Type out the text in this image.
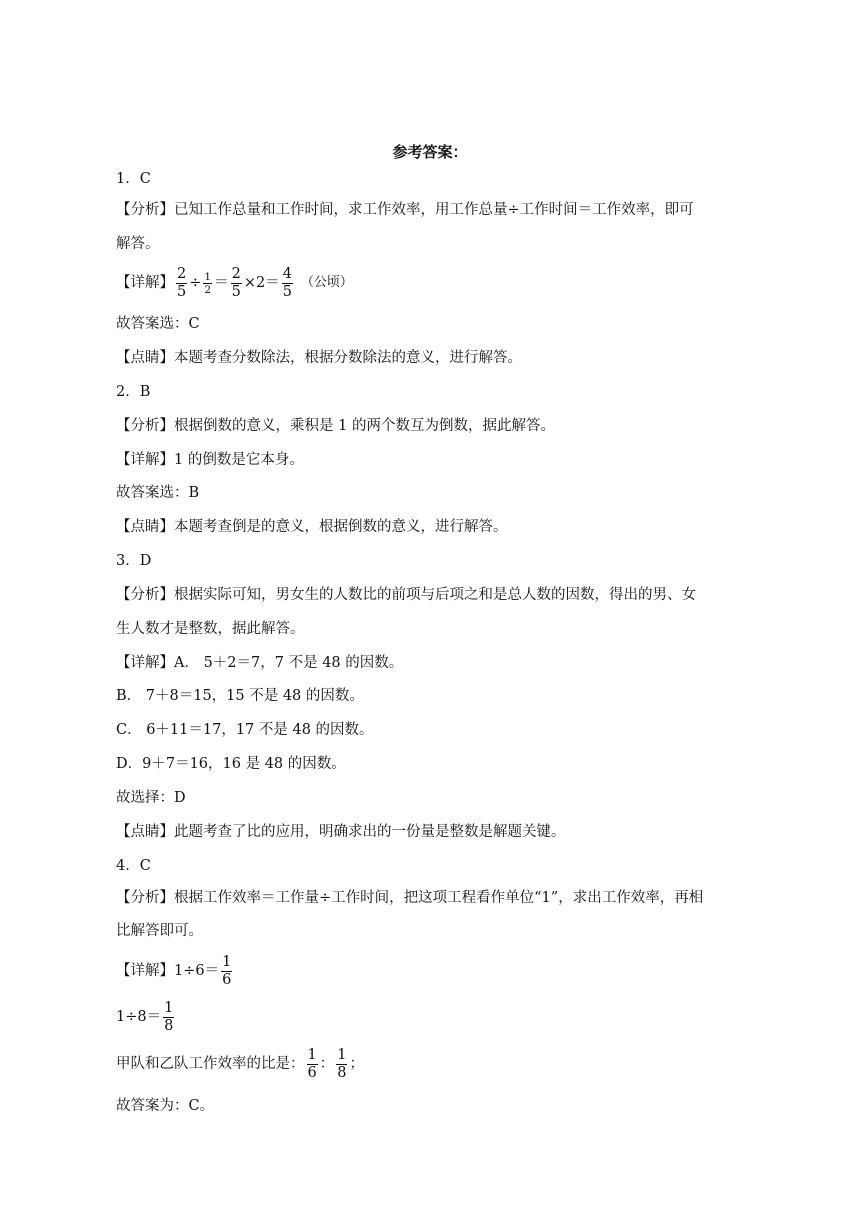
参考答案：
1．C
【分析】已知工作总量和工作时间，求工作效率，用工作总量÷工作时间＝工作效率，即可
解答。
【详解】 $\frac{2}{5} \div \frac{1}{2} = \frac{2}{5} \times 2= \frac{4}{5}$ （公顷）
故答案选：C
【点睛】本题考查分数除法，根据分数除法的意义，进行解答。
2．B
【分析】根据倒数的意义，乘积是 1 的两个数互为倒数，据此解答。
【详解】1 的倒数是它本身。
故答案选：B
【点睛】本题考查倒是的意义，根据倒数的意义，进行解答。
3．D
【分析】根据实际可知，男女生的人数比的前项与后项之和是总人数的因数，得出的男、女
生人数才是整数，据此解答。
【详解】A． 5＋2＝7，7 不是 48 的因数。
B． 7＋8＝15，15 不是 48 的因数。
C． 6＋11＝17，17 不是 48 的因数。
D．9＋7＝16，16 是 48 的因数。
故选择：D
【点睛】此题考查了比的应用，明确求出的一份量是整数是解题关键。
4．C
【分析】根据工作效率＝工作量÷工作时间，把这项工程看作单位“1”，求出工作效率，再相
比解答即可。
【详解】$1\div 6= \frac{1}{6}$
$1\div 8= \frac{1}{8}$
甲队和乙队工作效率的比是： $\frac{1}{6}$ ： $\frac{1}{8}$ ；
故答案为：C。
